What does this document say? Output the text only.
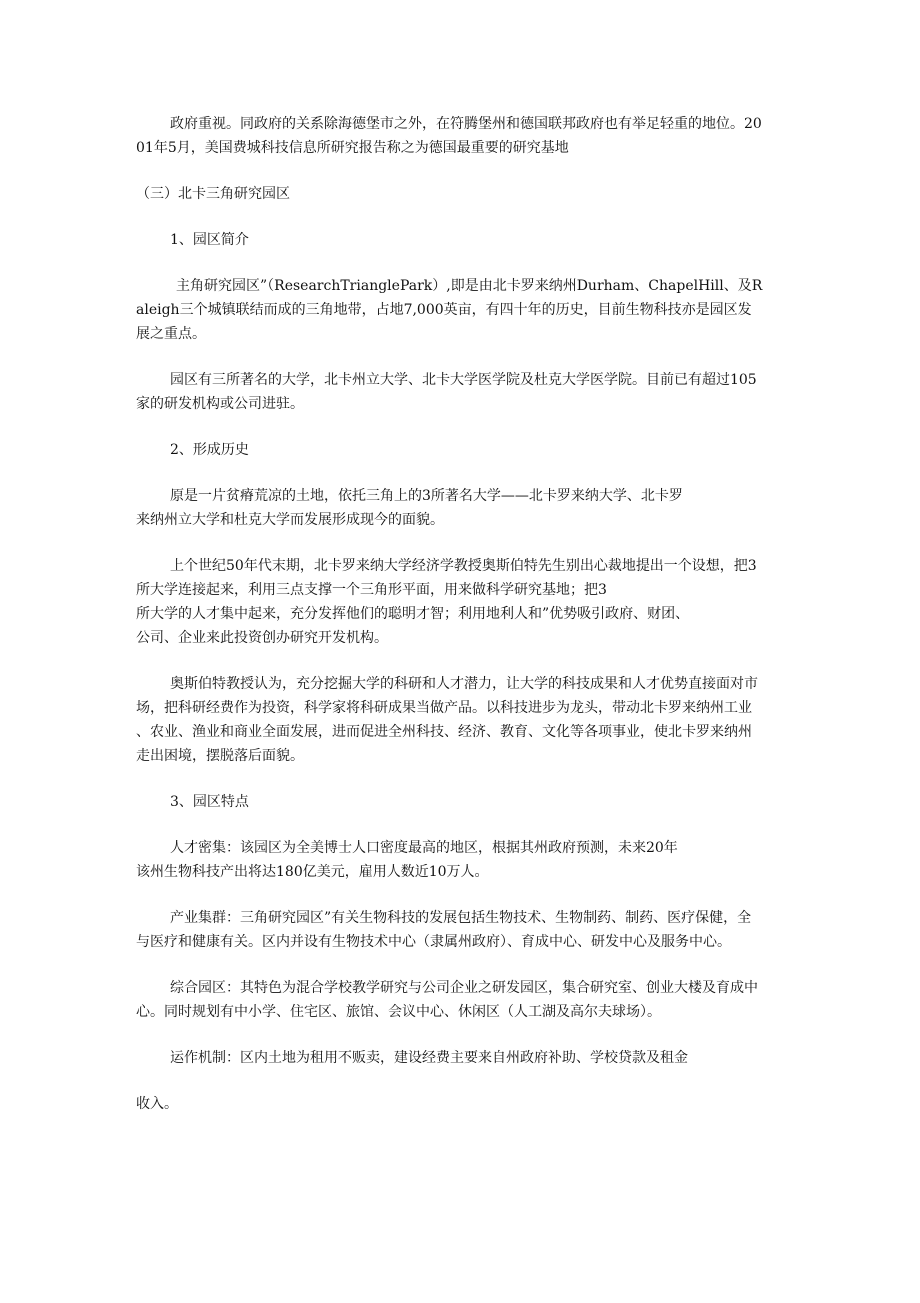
政府重视。同政府的关系除海德堡市之外，在符腾堡州和德国联邦政府也有举足轻重的地位。20

01年5月，美国费城科技信息所研究报告称之为德国最重要的研究基地

（三）北卡三角研究园区

1、园区简介

主角研究园区”（ResearchTrianglePark）,即是由北卡罗来纳州Durham、ChapelHill、及R

aleigh三个城镇联结而成的三角地带，占地7,000英亩，有四十年的历史，目前生物科技亦是园区发

展之重点。

园区有三所著名的大学，北卡州立大学、北卡大学医学院及杜克大学医学院。目前已有超过105

家的研发机构或公司进驻。

2、形成历史

原是一片贫瘠荒凉的土地，依托三角上的3所著名大学——北卡罗来纳大学、北卡罗

来纳州立大学和杜克大学而发展形成现今的面貌。

上个世纪50年代末期，北卡罗来纳大学经济学教授奥斯伯特先生别出心裁地提出一个设想，把3

所大学连接起来，利用三点支撑一个三角形平面，用来做科学研究基地；把3

所大学的人才集中起来，充分发挥他们的聪明才智；利用地利人和”优势吸引政府、财团、

公司、企业来此投资创办研究开发机构。

奥斯伯特教授认为，充分挖掘大学的科研和人才潜力，让大学的科技成果和人才优势直接面对市

场，把科研经费作为投资，科学家将科研成果当做产品。以科技进步为龙头，带动北卡罗来纳州工业

、农业、渔业和商业全面发展，进而促进全州科技、经济、教育、文化等各项事业，使北卡罗来纳州

走出困境，摆脱落后面貌。

3、园区特点

人才密集：该园区为全美博士人口密度最高的地区，根据其州政府预测，未来20年

该州生物科技产出将达180亿美元，雇用人数近10万人。

产业集群：三角研究园区”有关生物科技的发展包括生物技术、生物制药、制药、医疗保健，全

与医疗和健康有关。区内并设有生物技术中心（隶属州政府）、育成中心、研发中心及服务中心。

综合园区：其特色为混合学校教学研究与公司企业之研发园区，集合研究室、创业大楼及育成中

心。同时规划有中小学、住宅区、旅馆、会议中心、休闲区（人工湖及高尔夫球场）。

运作机制：区内土地为租用不贩卖，建设经费主要来自州政府补助、学校贷款及租金

收入。
